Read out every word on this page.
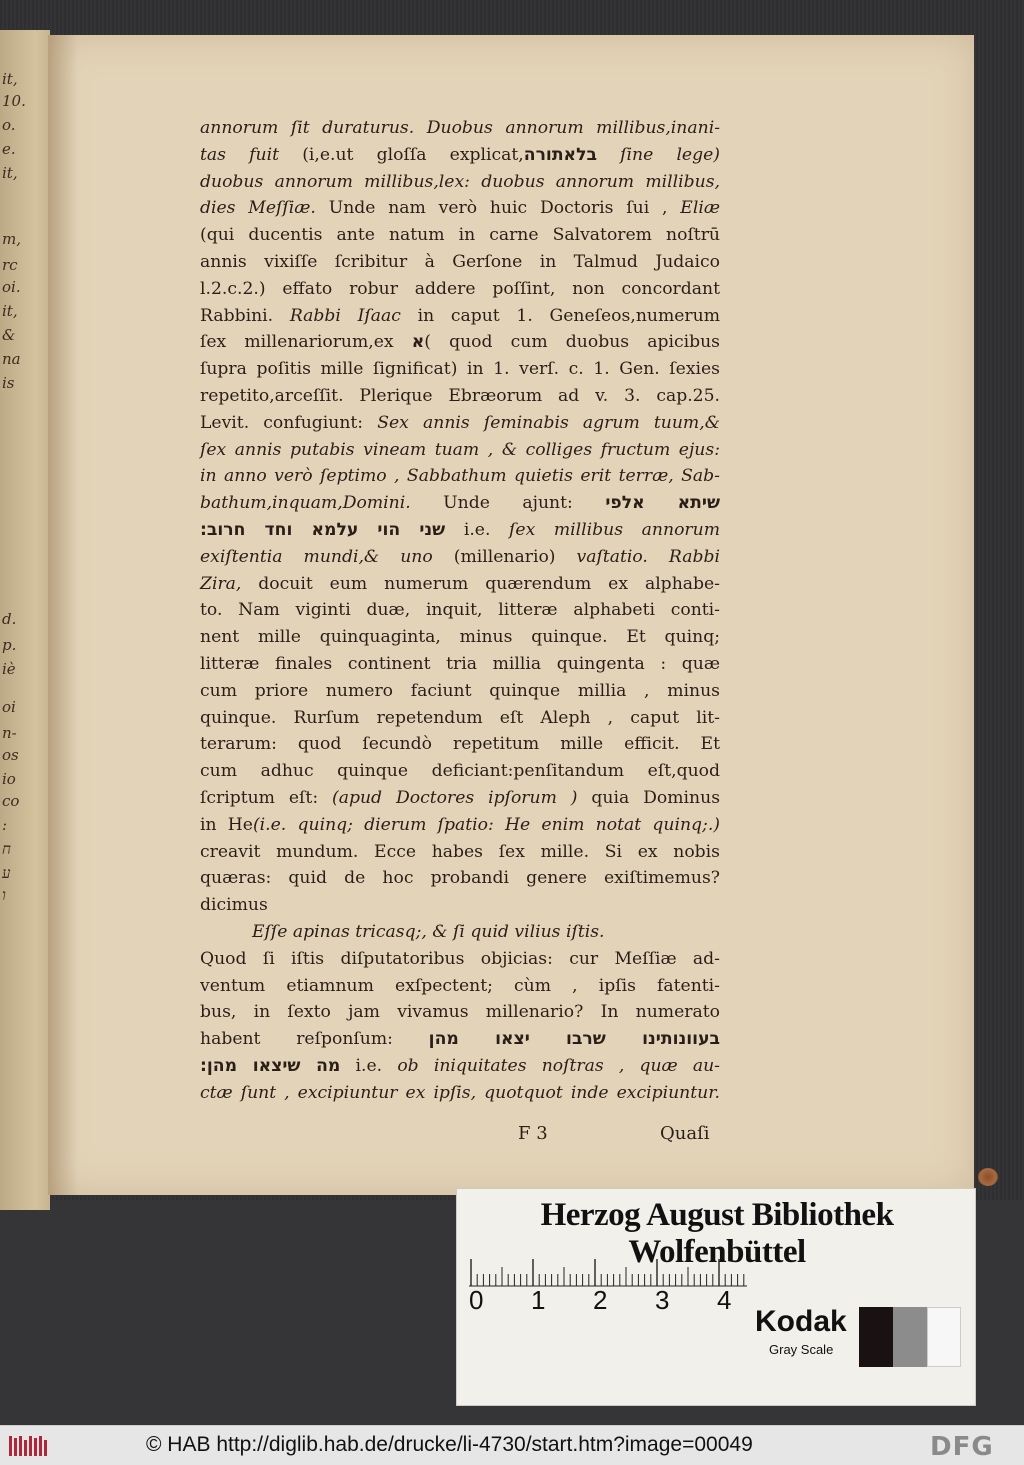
it,
10.
o.
e.
it,
m,
rc
oi.
it,
&
na
is
d.
p.
iè
oi
n-
os
io
co
:
ח
ע
ו
annorum ſit duraturus. Duobus annorum millibus,inani-
tas fuit (i,e.ut gloſſa explicat,בלאתורה ſine lege)
duobus annorum millibus,lex: duobus annorum millibus,
dies Meſſiæ. Unde nam verò huic Doctoris ſui , Eliæ
(qui ducentis ante natum in carne Salvatorem noſtrū
annis vixiſſe ſcribitur à Gerſone in Talmud Judaico
l.2.c.2.) effato robur addere poſſint, non concordant
Rabbini. Rabbi Iſaac in caput 1. Geneſeos,numerum
ſex millenariorum,ex א( quod cum duobus apicibus
ſupra poſitis mille ſignificat) in 1. verſ. c. 1. Gen. ſexies
repetito,arceſſit. Plerique Ebræorum ad v. 3. cap.25.
Levit. confugiunt: Sex annis ſeminabis agrum tuum,&
ſex annis putabis vineam tuam , & colliges fructum ejus:
in anno verò ſeptimo , Sabbathum quietis erit terræ, Sab-
bathum,inquam,Domini. Unde ajunt: שיתא אלפי
שני הוי עלמא וחד חרוב: i.e. ſex millibus annorum
exiſtentia mundi,& uno (millenario) vaſtatio. Rabbi
Zira, docuit eum numerum quærendum ex alphabe-
to. Nam viginti duæ, inquit, litteræ alphabeti conti-
nent mille quinquaginta, minus quinque. Et quinq;
litteræ finales continent tria millia quingenta : quæ
cum priore numero faciunt quinque millia , minus
quinque. Rurſum repetendum eſt Aleph , caput lit-
terarum: quod ſecundò repetitum mille efficit. Et
cum adhuc quinque deficiant:penſitandum eſt,quod
ſcriptum eſt: (apud Doctores ipſorum ) quia Dominus
in He(i.e. quinq; dierum ſpatio: He enim notat quinq;.)
creavit mundum. Ecce habes ſex mille. Si ex nobis
quæras: quid de hoc probandi genere exiſtimemus?
dicimus
Eſſe apinas tricasq;, & ſi quid vilius iſtis.
Quod ſi iſtis diſputatoribus objicias: cur Meſſiæ ad-
ventum etiamnum exſpectent; cùm , ipſis fatenti-
bus, in ſexto jam vivamus millenario? In numerato
habent reſponſum: בעוונותינו שרבו יצאו מהן
מה שיצאו מהן: i.e. ob iniquitates noſtras , quæ au-
ctæ ſunt , excipiuntur ex ipſis, quotquot inde excipiuntur.
F 3	Quaſi
Herzog August Bibliothek Wolfenbüttel
0 1 2 3 4
Kodak
Gray Scale
© HAB http://diglib.hab.de/drucke/li-4730/start.htm?image=00049	DFG
